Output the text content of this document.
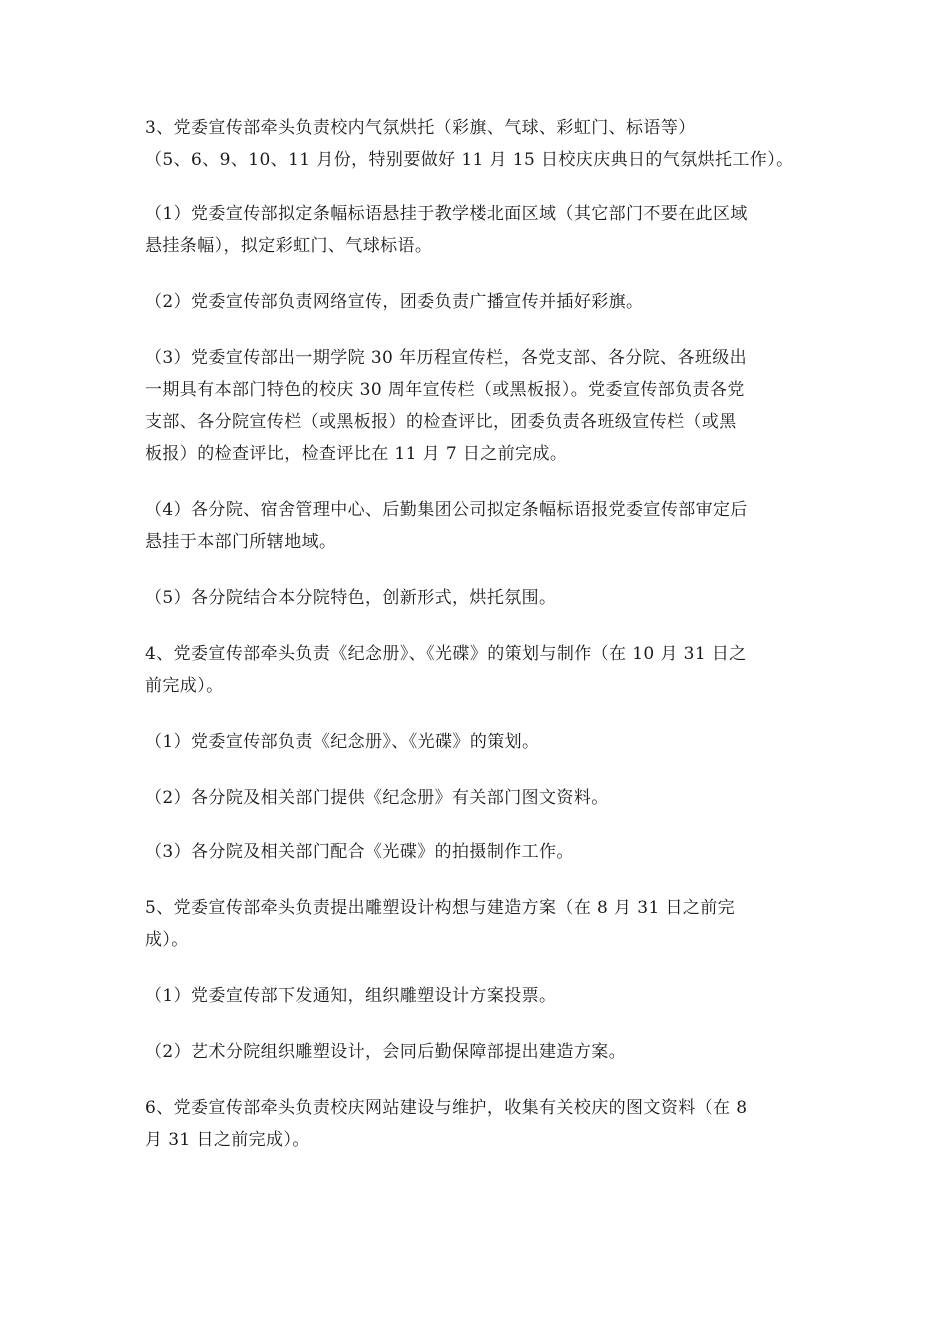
3、党委宣传部牵头负责校内气氛烘托（彩旗、气球、彩虹门、标语等）
（5、6、9、10、11 月份，特别要做好 11 月 15 日校庆庆典日的气氛烘托工作）。
（1）党委宣传部拟定条幅标语悬挂于教学楼北面区域（其它部门不要在此区域
悬挂条幅），拟定彩虹门、气球标语。
（2）党委宣传部负责网络宣传，团委负责广播宣传并插好彩旗。
（3）党委宣传部出一期学院 30 年历程宣传栏，各党支部、各分院、各班级出
一期具有本部门特色的校庆 30 周年宣传栏（或黑板报）。党委宣传部负责各党
支部、各分院宣传栏（或黑板报）的检查评比，团委负责各班级宣传栏（或黑
板报）的检查评比，检查评比在 11 月 7 日之前完成。
（4）各分院、宿舍管理中心、后勤集团公司拟定条幅标语报党委宣传部审定后
悬挂于本部门所辖地域。
（5）各分院结合本分院特色，创新形式，烘托氛围。
4、党委宣传部牵头负责《纪念册》、《光碟》的策划与制作（在 10 月 31 日之
前完成）。
（1）党委宣传部负责《纪念册》、《光碟》的策划。
（2）各分院及相关部门提供《纪念册》有关部门图文资料。
（3）各分院及相关部门配合《光碟》的拍摄制作工作。
5、党委宣传部牵头负责提出雕塑设计构想与建造方案（在 8 月 31 日之前完
成）。
（1）党委宣传部下发通知，组织雕塑设计方案投票。
（2）艺术分院组织雕塑设计，会同后勤保障部提出建造方案。
6、党委宣传部牵头负责校庆网站建设与维护，收集有关校庆的图文资料（在 8
月 31 日之前完成）。
